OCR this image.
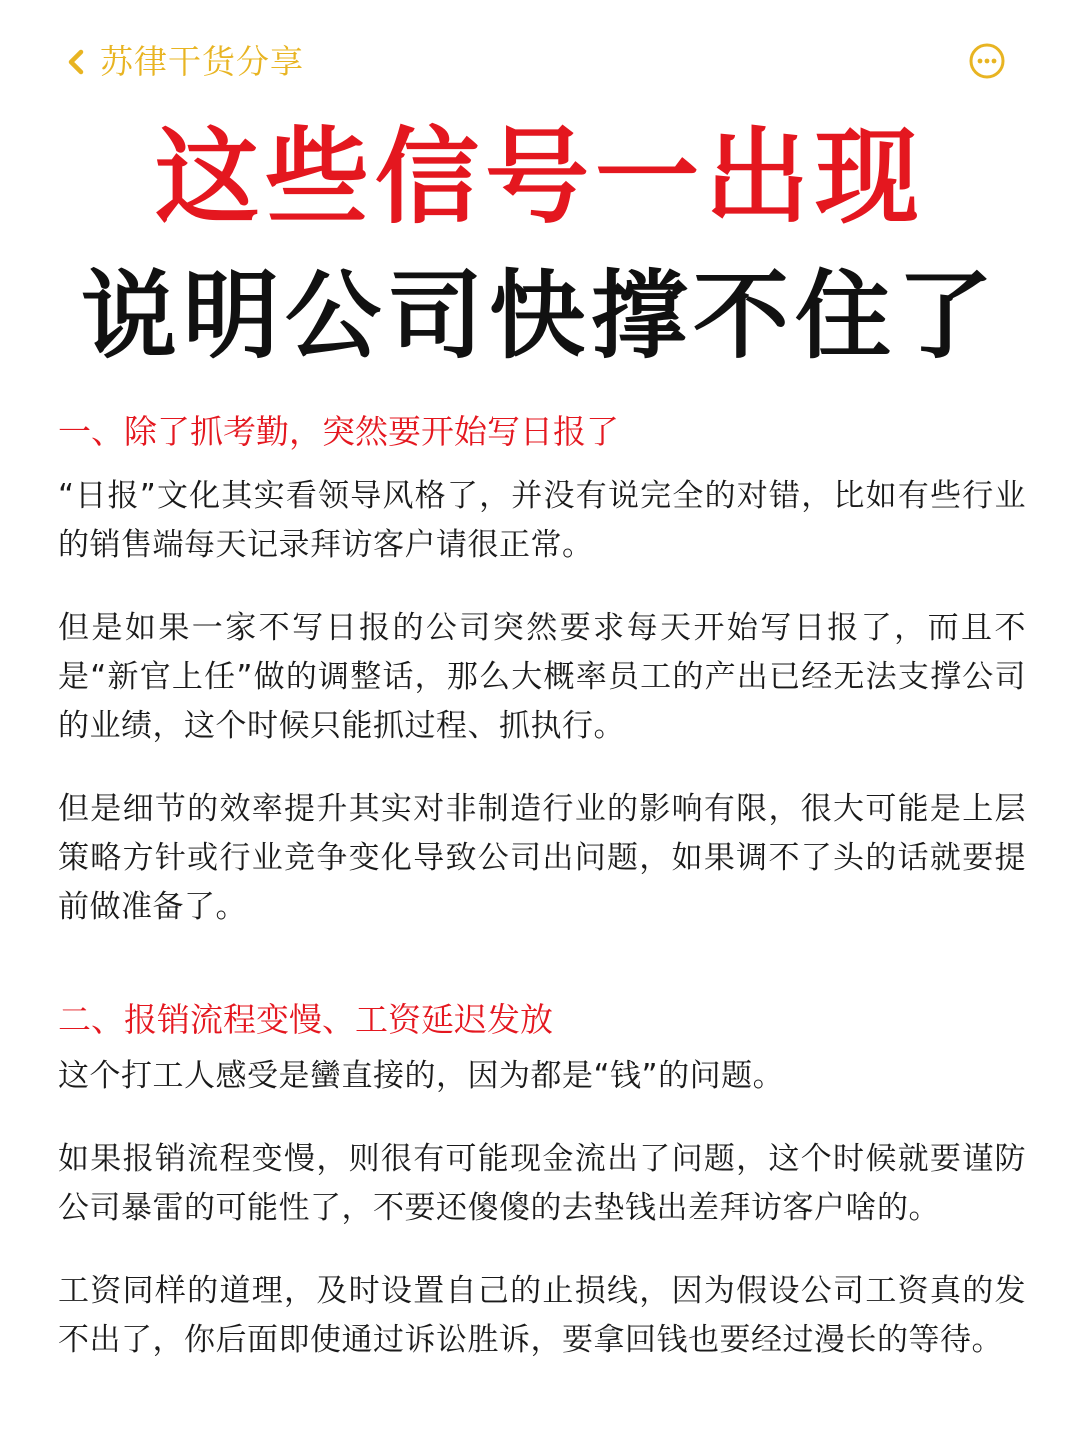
苏律干货分享
这些信号一出现
说明公司快撑不住了

一、除了抓考勤，突然要开始写日报了

“日报”文化其实看领导风格了，并没有说完全的对错，比如有些行业的销售端每天记录拜访客户请很正常。

但是如果一家不写日报的公司突然要求每天开始写日报了，而且不是“新官上任”做的调整话，那么大概率员工的产出已经无法支撑公司的业绩，这个时候只能抓过程、抓执行。

但是细节的效率提升其实对非制造行业的影响有限，很大可能是上层策略方针或行业竞争变化导致公司出问题，如果调不了头的话就要提前做准备了。

二、报销流程变慢、工资延迟发放

这个打工人感受是蠻直接的，因为都是“钱”的问题。

如果报销流程变慢，则很有可能现金流出了问题，这个时候就要谨防公司暴雷的可能性了，不要还傻傻的去垫钱出差拜访客户啥的。

工资同样的道理，及时设置自己的止损线，因为假设公司工资真的发不出了，你后面即使通过诉讼胜诉，要拿回钱也要经过漫长的等待。
